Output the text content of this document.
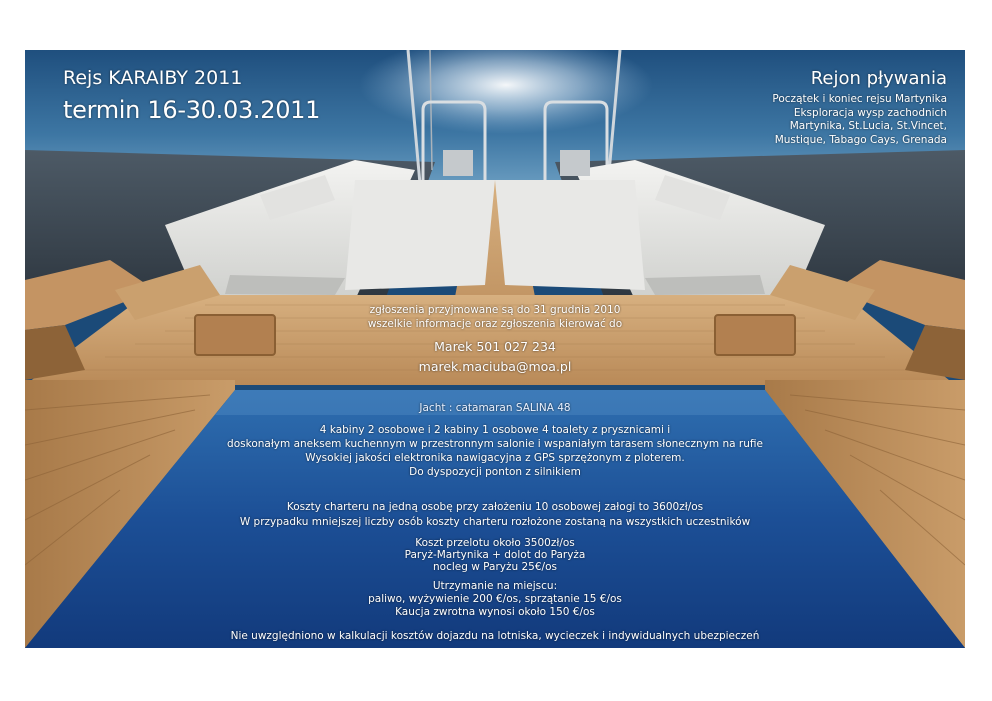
Rejs KARAIBY 2011
termin 16-30.03.2011
Rejon pływania
Początek i koniec rejsu Martynika
Eksploracja wysp zachodnich
Martynika, St.Lucia, St.Vincet,
Mustique, Tabago Cays, Grenada
zgłoszenia przyjmowane są do 31 grudnia 2010
wszelkie informacje oraz zgłoszenia kierować do
Marek 501 027 234
marek.maciuba@moa.pl
Jacht : catamaran SALINA 48
4 kabiny 2 osobowe i 2 kabiny 1 osobowe 4 toalety z prysznicami i
doskonałym aneksem kuchennym w przestronnym salonie i wspaniałym tarasem słonecznym na rufie
Wysokiej jakości elektronika nawigacyjna z GPS sprzężonym z ploterem.
Do dyspozycji ponton z silnikiem
Koszty charteru na jedną osobę przy założeniu 10 osobowej załogi to 3600zł/os
W przypadku mniejszej liczby osób koszty charteru rozłożone zostaną na wszystkich uczestników
Koszt przelotu około 3500zł/os
Paryż-Martynika + dolot do Paryża
nocleg w Paryżu 25€/os
Utrzymanie na miejscu:
paliwo, wyżywienie 200 €/os, sprzątanie 15 €/os
Kaucja zwrotna wynosi około 150 €/os
Nie uwzględniono w kalkulacji kosztów dojazdu na lotniska, wycieczek i indywidualnych ubezpieczeń
